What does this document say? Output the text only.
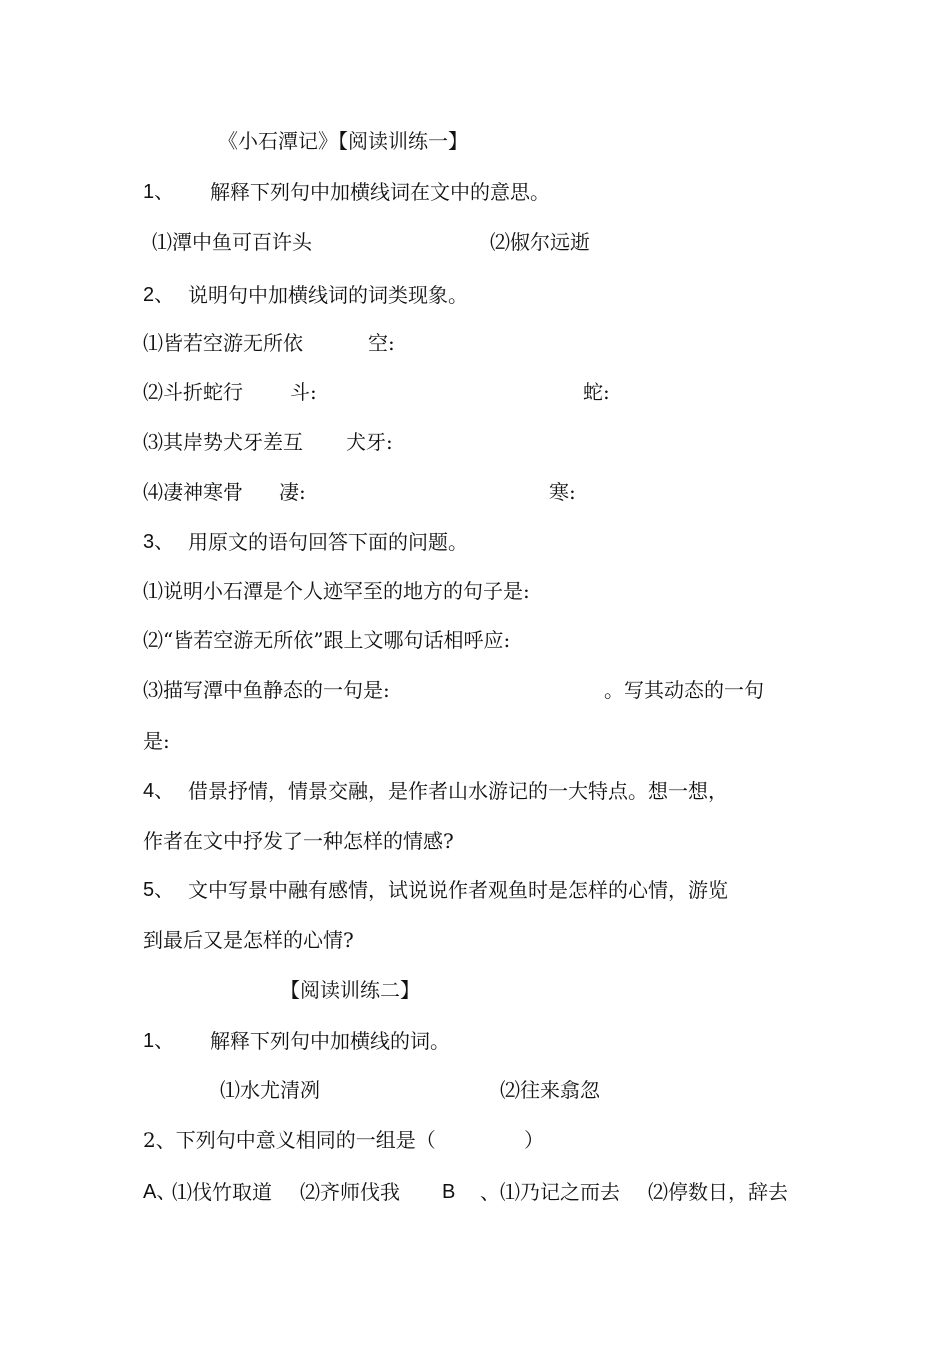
《小石潭记》【阅读训练一】
1、 解释下列句中加横线词在文中的意思。
⑴潭中鱼可百许头	⑵俶尔远逝
2、 说明句中加横线词的词类现象。
⑴皆若空游无所依	空:
⑵斗折蛇行 斗:	蛇:
⑶其岸势犬牙差互 犬牙:
⑷凄神寒骨 凄:	寒:
3、 用原文的语句回答下面的问题。
⑴说明小石潭是个人迹罕至的地方的句子是:
⑵“皆若空游无所依”跟上文哪句话相呼应:
⑶描写潭中鱼静态的一句是:	。写其动态的一句
是:
4、 借景抒情，情景交融，是作者山水游记的一大特点。想一想，
作者在文中抒发了一种怎样的情感?
5、 文中写景中融有感情，试说说作者观鱼时是怎样的心情，游览
到最后又是怎样的心情?
【阅读训练二】
1、 解释下列句中加横线的词。
⑴水尤清冽	⑵往来翕忽
2、下列句中意义相同的一组是（	）
A、
⑴伐竹取道 ⑵齐师伐我 B 、⑴乃记之而去 ⑵停数日，辞去
